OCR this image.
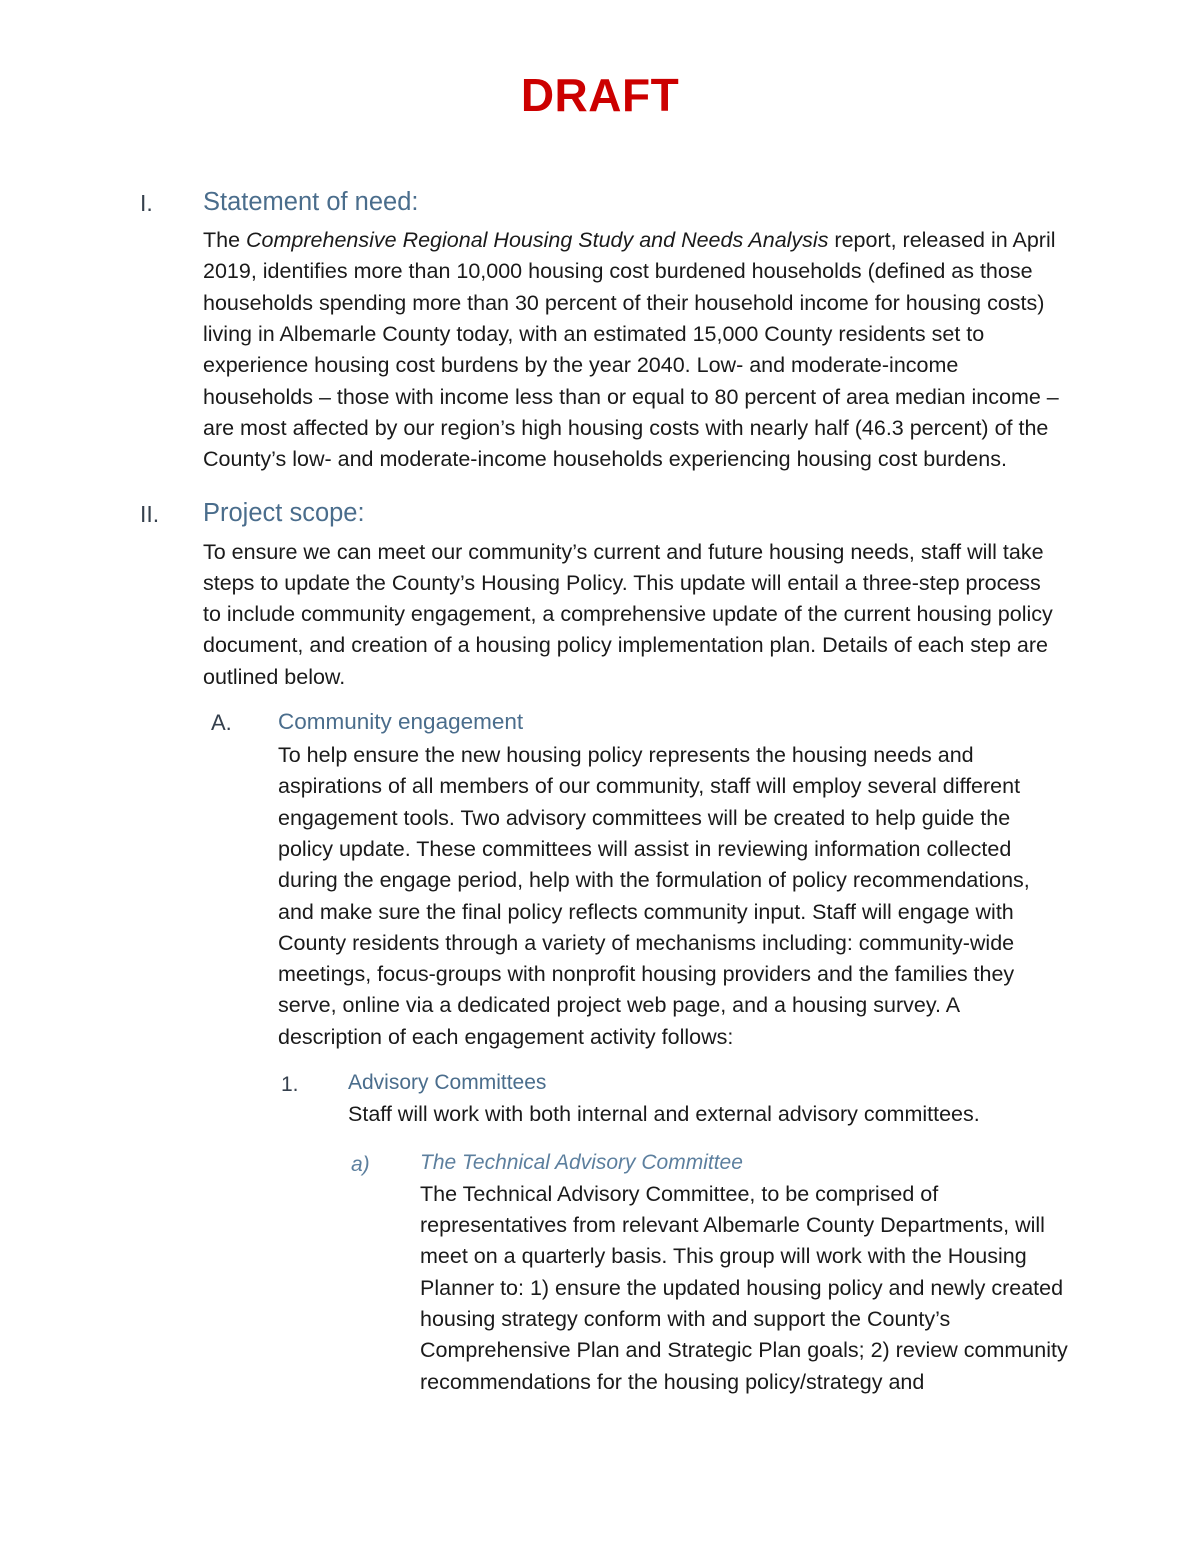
DRAFT
I.	Statement of need:

The Comprehensive Regional Housing Study and Needs Analysis report, released in April 2019, identifies more than 10,000 housing cost burdened households (defined as those households spending more than 30 percent of their household income for housing costs) living in Albemarle County today, with an estimated 15,000 County residents set to experience housing cost burdens by the year 2040. Low- and moderate-income households – those with income less than or equal to 80 percent of area median income – are most affected by our region’s high housing costs with nearly half (46.3 percent) of the County’s low- and moderate-income households experiencing housing cost burdens.

II.	Project scope:

To ensure we can meet our community’s current and future housing needs, staff will take steps to update the County’s Housing Policy. This update will entail a three-step process to include community engagement, a comprehensive update of the current housing policy document, and creation of a housing policy implementation plan. Details of each step are outlined below.

A.	Community engagement

To help ensure the new housing policy represents the housing needs and aspirations of all members of our community, staff will employ several different engagement tools. Two advisory committees will be created to help guide the policy update. These committees will assist in reviewing information collected during the engage period, help with the formulation of policy recommendations, and make sure the final policy reflects community input. Staff will engage with County residents through a variety of mechanisms including: community-wide meetings, focus-groups with nonprofit housing providers and the families they serve, online via a dedicated project web page, and a housing survey. A description of each engagement activity follows:

1.	Advisory Committees

Staff will work with both internal and external advisory committees.

a)	The Technical Advisory Committee

The Technical Advisory Committee, to be comprised of representatives from relevant Albemarle County Departments, will meet on a quarterly basis. This group will work with the Housing Planner to: 1) ensure the updated housing policy and newly created housing strategy conform with and support the County’s Comprehensive Plan and Strategic Plan goals; 2) review community recommendations for the housing policy/strategy and
